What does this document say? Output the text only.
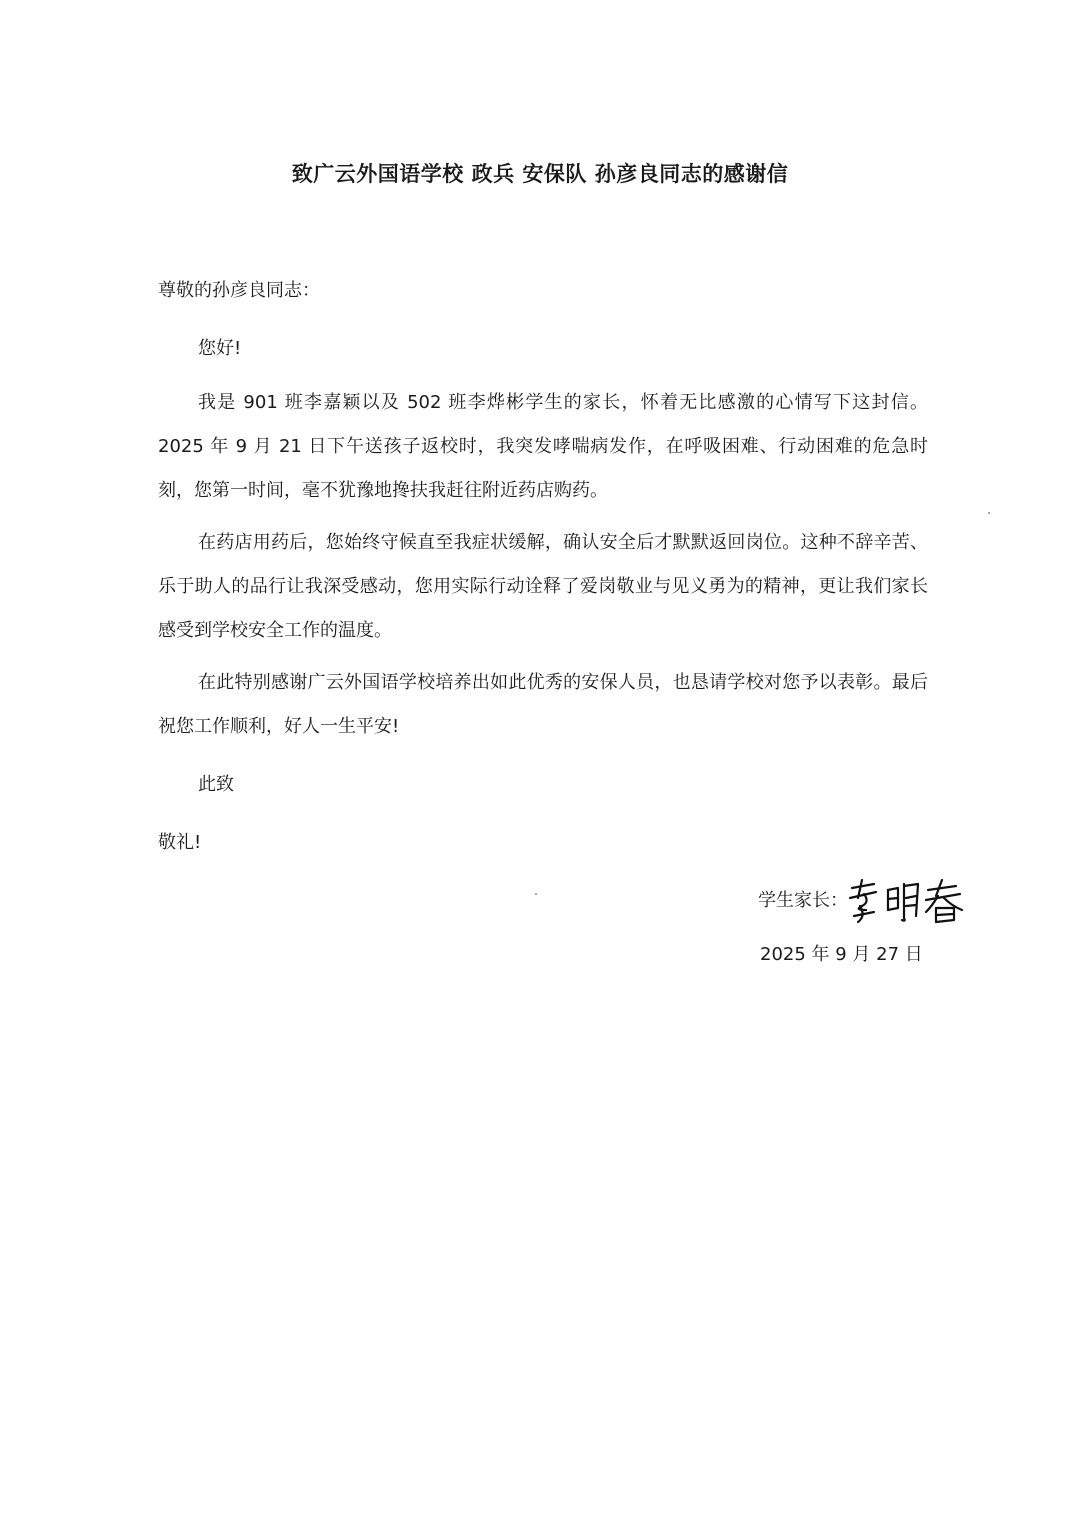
致广云外国语学校 政兵 安保队 孙彦良同志的感谢信

尊敬的孙彦良同志：

您好!

我是 901 班李嘉颖以及 502 班李烨彬学生的家长，怀着无比感激的心情写下这封信。2025 年 9 月 21 日下午送孩子返校时，我突发哮喘病发作，在呼吸困难、行动困难的危急时刻，您第一时间，毫不犹豫地搀扶我赶往附近药店购药。

在药店用药后，您始终守候直至我症状缓解，确认安全后才默默返回岗位。这种不辞辛苦、乐于助人的品行让我深受感动，您用实际行动诠释了爱岗敬业与见义勇为的精神，更让我们家长感受到学校安全工作的温度。

在此特别感谢广云外国语学校培养出如此优秀的安保人员，也恳请学校对您予以表彰。最后祝您工作顺利，好人一生平安!

此致

敬礼!

学生家长：

2025 年 9 月 27 日
